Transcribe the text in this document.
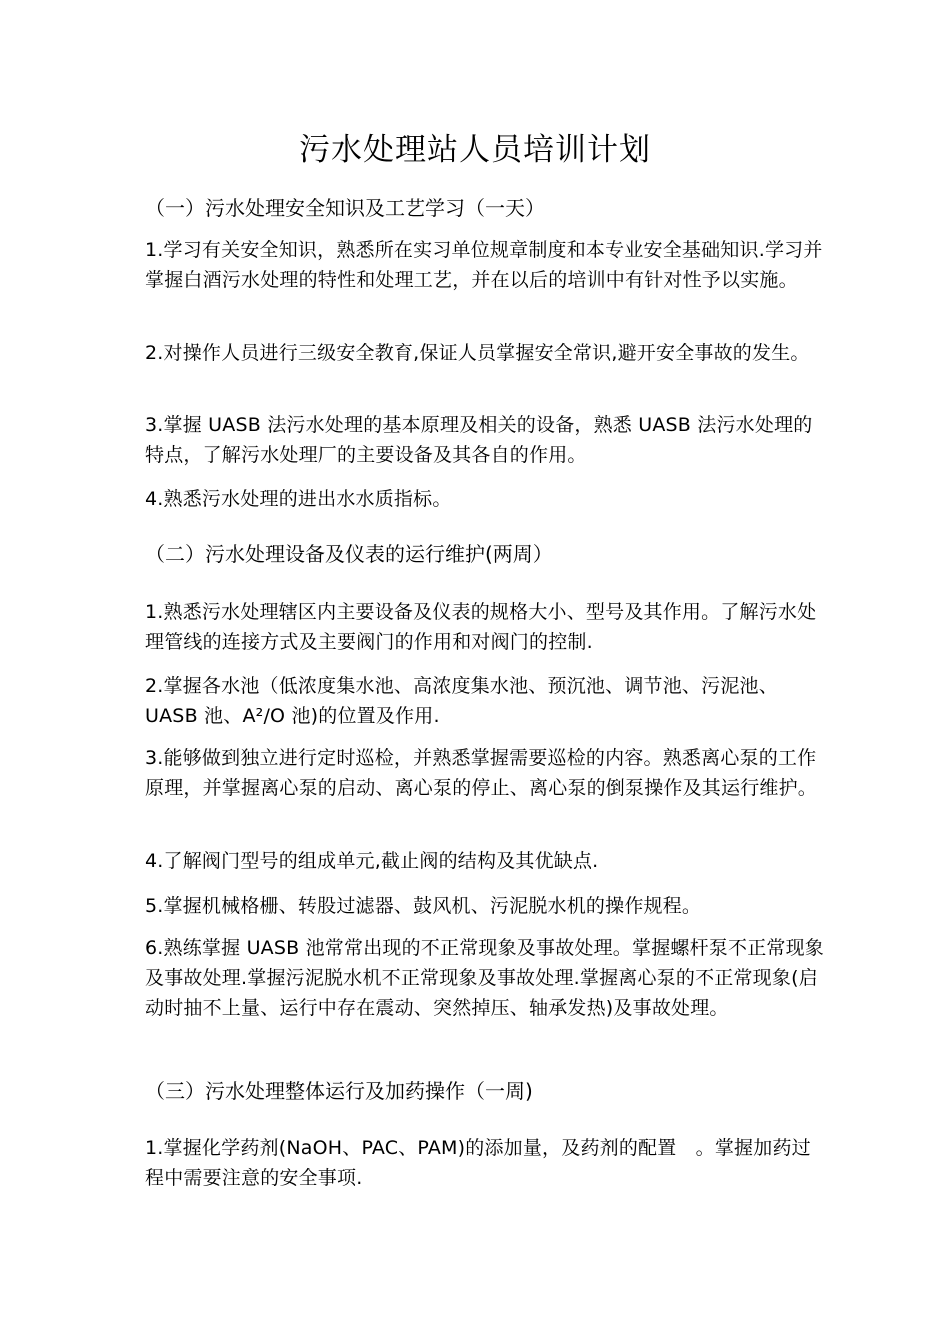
污水处理站人员培训计划
（一）污水处理安全知识及工艺学习（一天）

1.学习有关安全知识，熟悉所在实习单位规章制度和本专业安全基础知识.学习并掌握白酒污水处理的特性和处理工艺，并在以后的培训中有针对性予以实施。

2.对操作人员进行三级安全教育,保证人员掌握安全常识,避开安全事故的发生。

3.掌握 UASB 法污水处理的基本原理及相关的设备，熟悉 UASB 法污水处理的特点，了解污水处理厂的主要设备及其各自的作用。

4.熟悉污水处理的进出水水质指标。

（二）污水处理设备及仪表的运行维护(两周）

1.熟悉污水处理辖区内主要设备及仪表的规格大小、型号及其作用。了解污水处理管线的连接方式及主要阀门的作用和对阀门的控制.

2.掌握各水池（低浓度集水池、高浓度集水池、预沉池、调节池、污泥池、UASB 池、A²/O 池)的位置及作用.

3.能够做到独立进行定时巡检，并熟悉掌握需要巡检的内容。熟悉离心泵的工作原理，并掌握离心泵的启动、离心泵的停止、离心泵的倒泵操作及其运行维护。

4.了解阀门型号的组成单元,截止阀的结构及其优缺点.

5.掌握机械格栅、转股过滤器、鼓风机、污泥脱水机的操作规程。

6.熟练掌握 UASB 池常常出现的不正常现象及事故处理。掌握螺杆泵不正常现象及事故处理.掌握污泥脱水机不正常现象及事故处理.掌握离心泵的不正常现象(启动时抽不上量、运行中存在震动、突然掉压、轴承发热)及事故处理。

（三）污水处理整体运行及加药操作（一周)

1.掌握化学药剂(NaOH、PAC、PAM)的添加量，及药剂的配置　。掌握加药过程中需要注意的安全事项.
